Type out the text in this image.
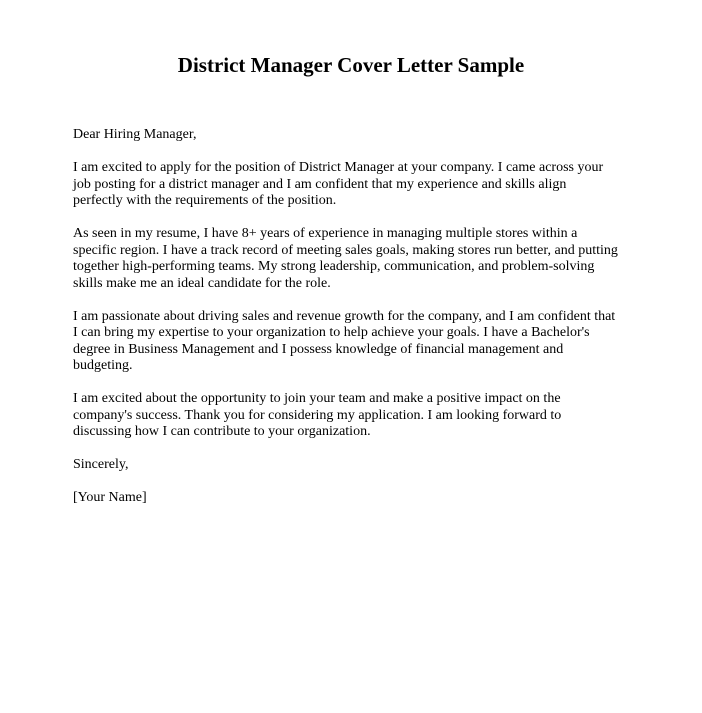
District Manager Cover Letter Sample

Dear Hiring Manager,

I am excited to apply for the position of District Manager at your company. I came across your
job posting for a district manager and I am confident that my experience and skills align
perfectly with the requirements of the position.

As seen in my resume, I have 8+ years of experience in managing multiple stores within a
specific region. I have a track record of meeting sales goals, making stores run better, and putting
together high-performing teams. My strong leadership, communication, and problem-solving
skills make me an ideal candidate for the role.

I am passionate about driving sales and revenue growth for the company, and I am confident that
I can bring my expertise to your organization to help achieve your goals. I have a Bachelor's
degree in Business Management and I possess knowledge of financial management and
budgeting.

I am excited about the opportunity to join your team and make a positive impact on the
company's success. Thank you for considering my application. I am looking forward to
discussing how I can contribute to your organization.

Sincerely,

[Your Name]
